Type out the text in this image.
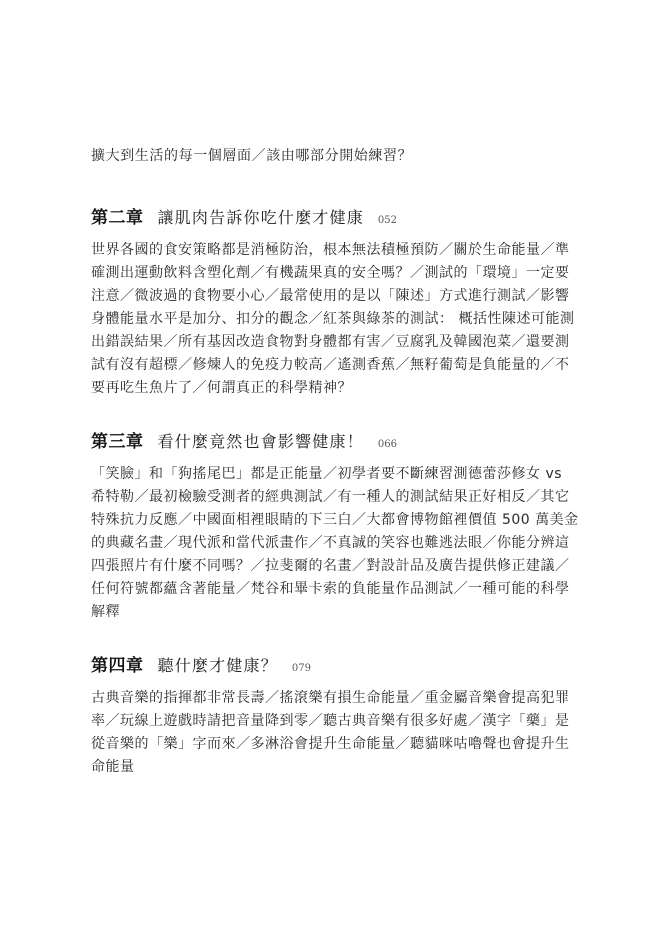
擴大到生活的每一個層面／該由哪部分開始練習？
第二章 讓肌肉告訴你吃什麼才健康 052
世界各國的食安策略都是消極防治，根本無法積極預防／關於生命能量／準
確測出運動飲料含塑化劑／有機蔬果真的安全嗎？／測試的「環境」一定要
注意／微波過的食物要小心／最常使用的是以「陳述」方式進行測試／影響
身體能量水平是加分、扣分的觀念／紅茶與綠茶的測試： 概括性陳述可能測
出錯誤結果／所有基因改造食物對身體都有害／豆腐乳及韓國泡菜／還要測
試有沒有超標／修煉人的免疫力較高／遙測香蕉／無籽葡萄是負能量的／不
要再吃生魚片了／何謂真正的科學精神？
第三章 看什麼竟然也會影響健康！ 066
「笑臉」和「狗搖尾巴」都是正能量／初學者要不斷練習測德蕾莎修女 vs
希特勒／最初檢驗受測者的經典測試／有一種人的測試結果正好相反／其它
特殊抗力反應／中國面相裡眼睛的下三白／大都會博物館裡價值 500 萬美金
的典藏名畫／現代派和當代派畫作／不真誠的笑容也難逃法眼／你能分辨這
四張照片有什麼不同嗎？／拉斐爾的名畫／對設計品及廣告提供修正建議／
任何符號都蘊含著能量／梵谷和畢卡索的負能量作品測試／一種可能的科學
解釋
第四章 聽什麼才健康？ 079
古典音樂的指揮都非常長壽／搖滾樂有損生命能量／重金屬音樂會提高犯罪
率／玩線上遊戲時請把音量降到零／聽古典音樂有很多好處／漢字「藥」是
從音樂的「樂」字而來／多淋浴會提升生命能量／聽貓咪咕嚕聲也會提升生
命能量
